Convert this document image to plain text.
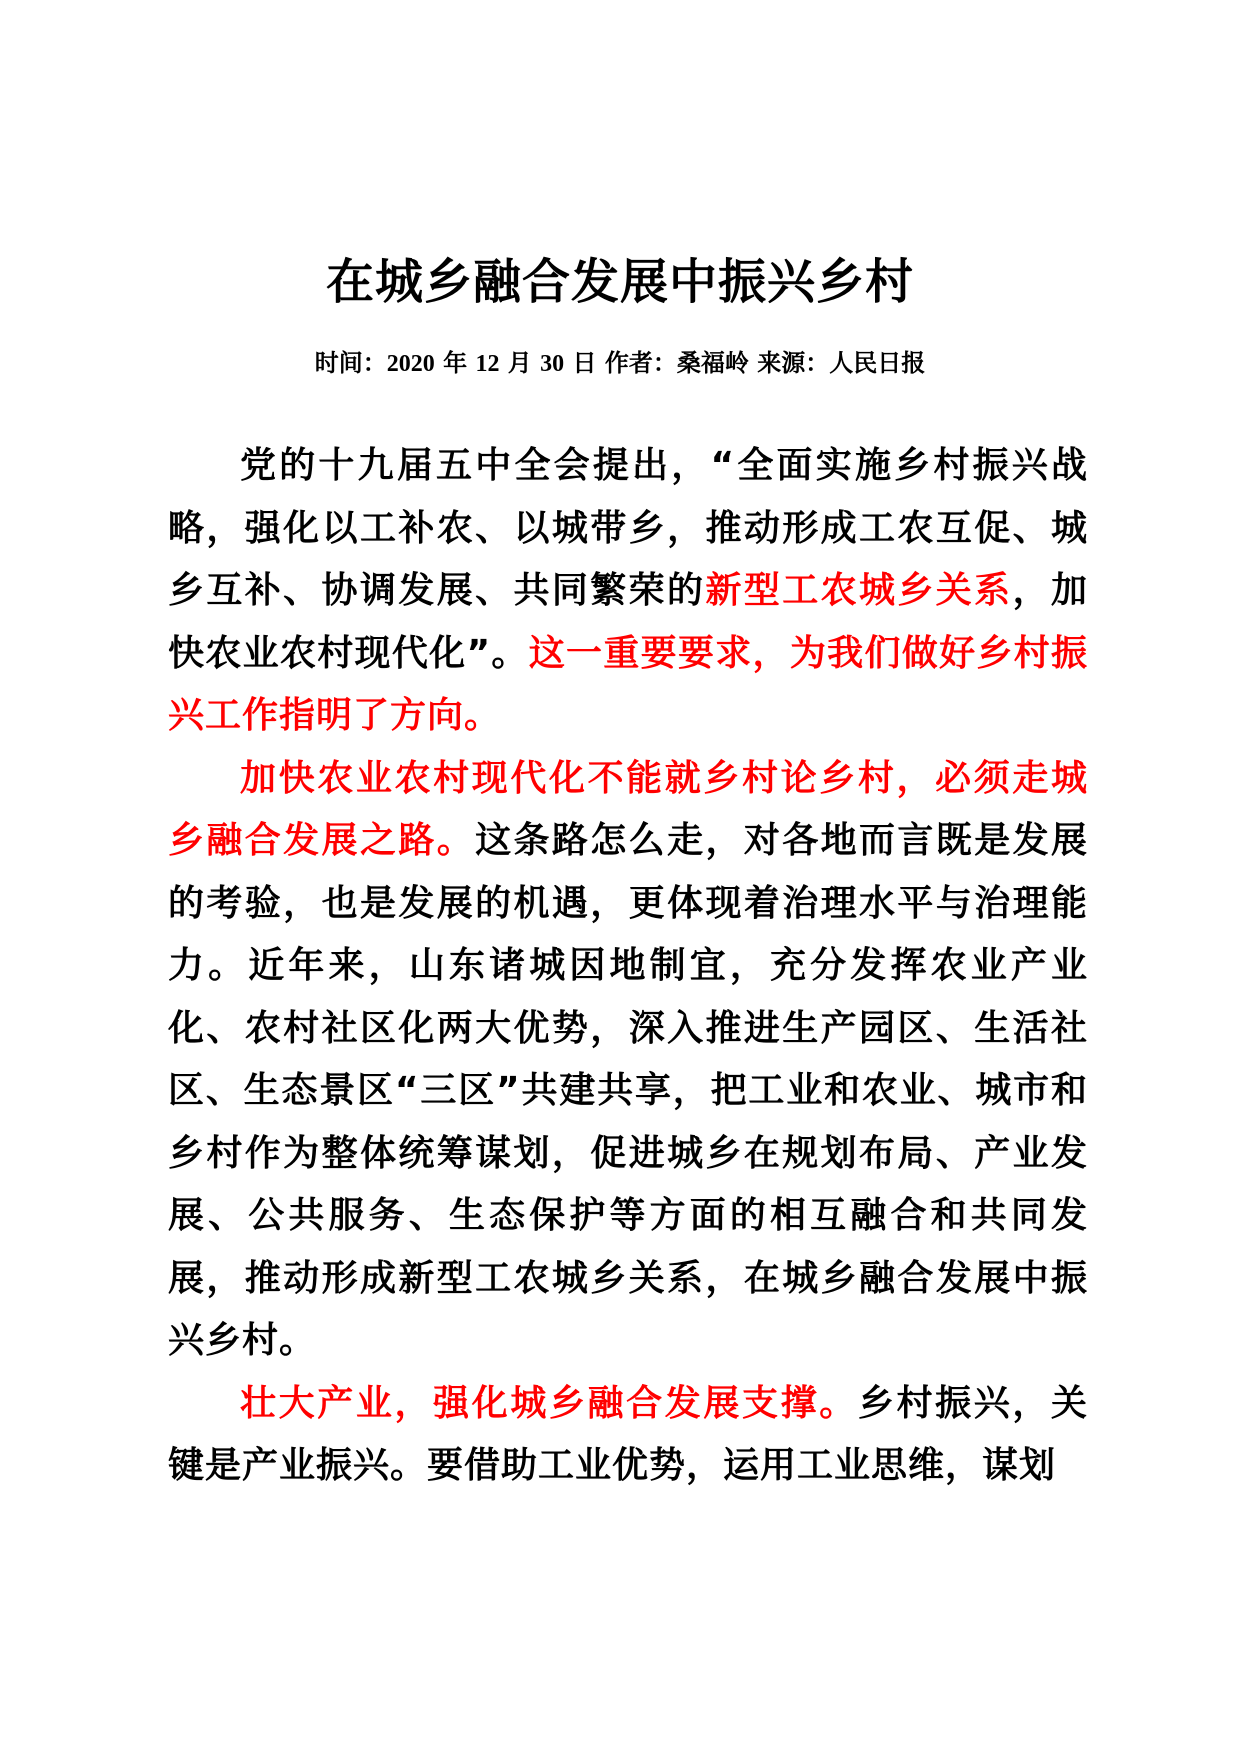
在城乡融合发展中振兴乡村
时间：2020 年 12 月 30 日 作者：桑福岭 来源：人民日报

党的十九届五中全会提出，“全面实施乡村振兴战略，强化以工补农、以城带乡，推动形成工农互促、城乡互补、协调发展、共同繁荣的新型工农城乡关系，加快农业农村现代化”。这一重要要求，为我们做好乡村振兴工作指明了方向。

加快农业农村现代化不能就乡村论乡村，必须走城乡融合发展之路。这条路怎么走，对各地而言既是发展的考验，也是发展的机遇，更体现着治理水平与治理能力。近年来，山东诸城因地制宜，充分发挥农业产业化、农村社区化两大优势，深入推进生产园区、生活社区、生态景区“三区”共建共享，把工业和农业、城市和乡村作为整体统筹谋划，促进城乡在规划布局、产业发展、公共服务、生态保护等方面的相互融合和共同发展，推动形成新型工农城乡关系，在城乡融合发展中振兴乡村。

壮大产业，强化城乡融合发展支撑。乡村振兴，关键是产业振兴。要借助工业优势，运用工业思维，谋划
